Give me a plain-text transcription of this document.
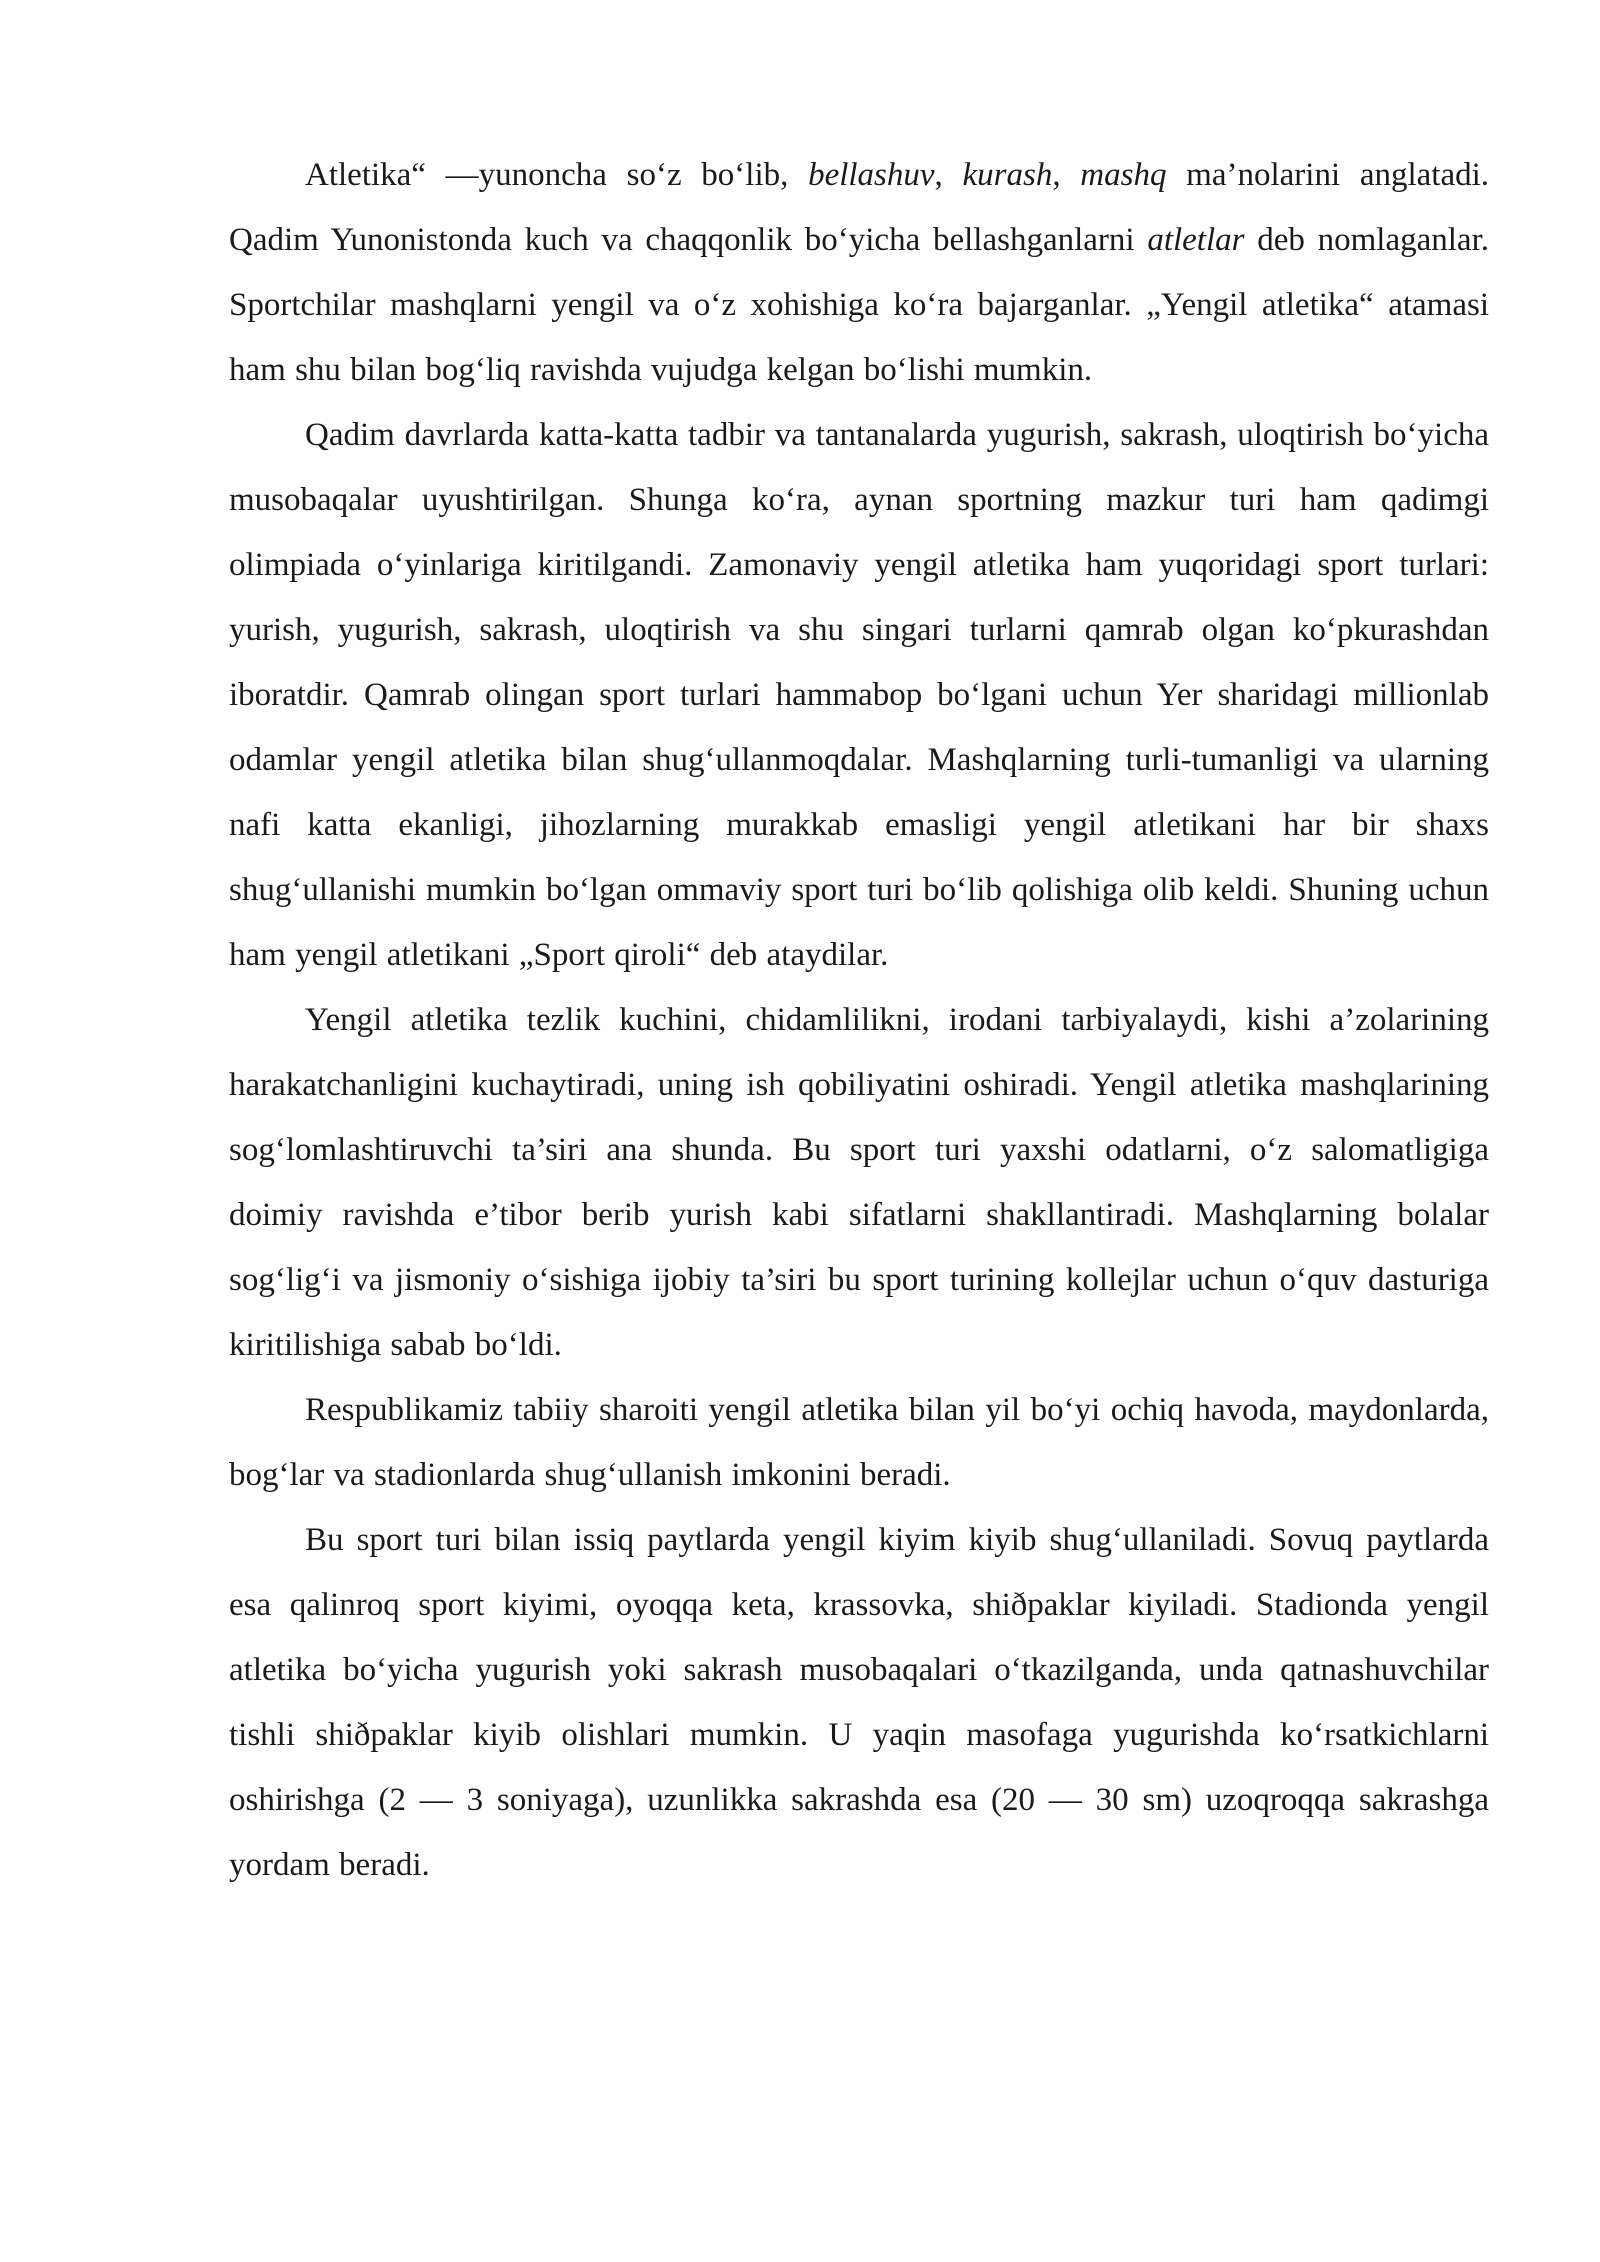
Atletika“ —yunoncha so‘z bo‘lib, bellashuv, kurash, mashq ma’nolarini anglatadi. Qadim Yunonistonda kuch va chaqqonlik bo‘yicha bellashganlarni atletlar deb nomlaganlar. Sportchilar mashqlarni yengil va o‘z xohishiga ko‘ra bajarganlar. „Yengil atletika“ atamasi ham shu bilan bog‘liq ravishda vujudga kelgan bo‘lishi mumkin.

Qadim davrlarda katta-katta tadbir va tantanalarda yugurish, sakrash, uloqtirish bo‘yicha musobaqalar uyushtirilgan. Shunga ko‘ra, aynan sportning mazkur turi ham qadimgi olimpiada o‘yinlariga kiritilgandi. Zamonaviy yengil atletika ham yuqoridagi sport turlari: yurish, yugurish, sakrash, uloqtirish va shu singari turlarni qamrab olgan ko‘pkurashdan iboratdir. Qamrab olingan sport turlari hammabop bo‘lgani uchun Yer sharidagi millionlab odamlar yengil atletika bilan shug‘ullanmoqdalar. Mashqlarning turli-tumanligi va ularning nafi katta ekanligi, jihozlarning murakkab emasligi yengil atletikani har bir shaxs shug‘ullanishi mumkin bo‘lgan ommaviy sport turi bo‘lib qolishiga olib keldi. Shuning uchun ham yengil atletikani „Sport qiroli“ deb ataydilar.

Yengil atletika tezlik kuchini, chidamlilikni, irodani tarbiyalaydi, kishi a’zolarining harakatchanligini kuchaytiradi, uning ish qobiliyatini oshiradi. Yengil atletika mashqlarining sog‘lomlashtiruvchi ta’siri ana shunda. Bu sport turi yaxshi odatlarni, o‘z salomatligiga doimiy ravishda e’tibor berib yurish kabi sifatlarni shakllantiradi. Mashqlarning bolalar sog‘lig‘i va jismoniy o‘sishiga ijobiy ta’siri bu sport turining kollejlar uchun o‘quv dasturiga kiritilishiga sabab bo‘ldi.

Respublikamiz tabiiy sharoiti yengil atletika bilan yil bo‘yi ochiq havoda, maydonlarda, bog‘lar va stadionlarda shug‘ullanish imkonini beradi.

Bu sport turi bilan issiq paytlarda yengil kiyim kiyib shug‘ullaniladi. Sovuq paytlarda esa qalinroq sport kiyimi, oyoqqa keta, krassovka, shiðpaklar kiyiladi. Stadionda yengil atletika bo‘yicha yugurish yoki sakrash musobaqalari o‘tkazilganda, unda qatnashuvchilar tishli shiðpaklar kiyib olishlari mumkin. U yaqin masofaga yugurishda ko‘rsatkichlarni oshirishga (2 — 3 soniyaga), uzunlikka sakrashda esa (20 — 30 sm) uzoqroqqa sakrashga yordam beradi.
